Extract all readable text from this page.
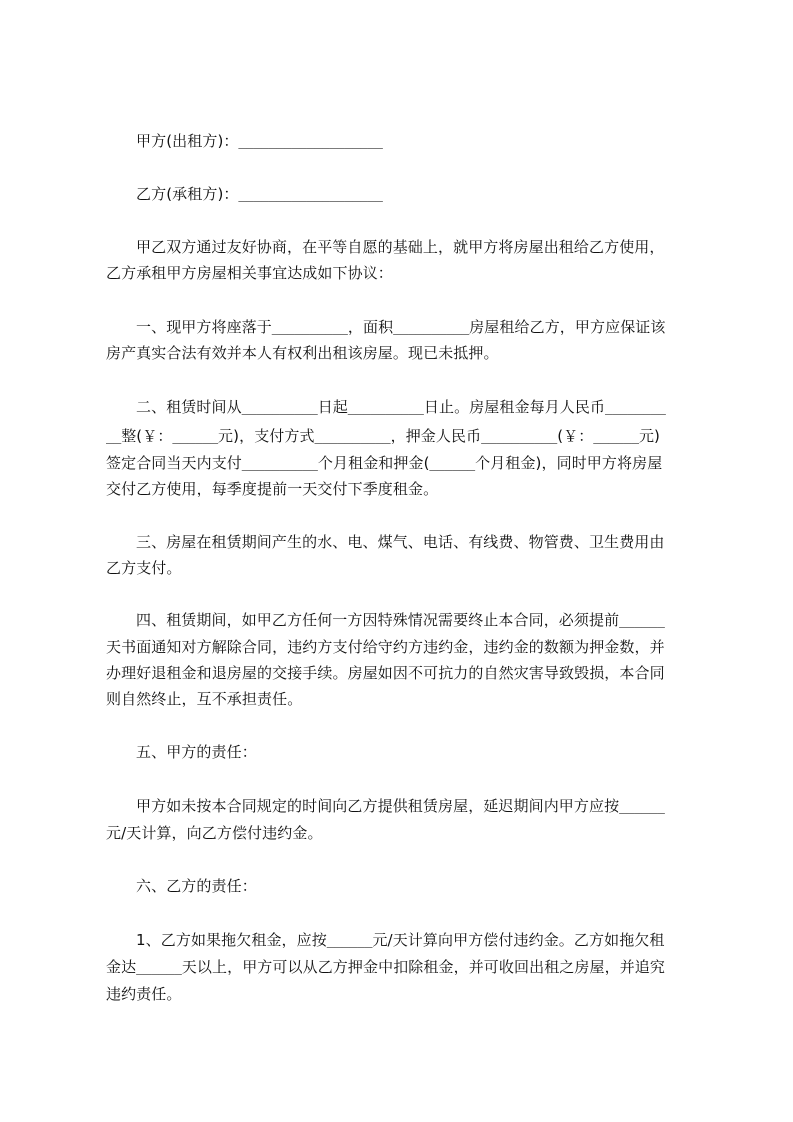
甲方(出租方)：___________________
乙方(承租方)：___________________
甲乙双方通过友好协商，在平等自愿的基础上，就甲方将房屋出租给乙方使用，
乙方承租甲方房屋相关事宜达成如下协议：
一、现甲方将座落于__________，面积__________房屋租给乙方，甲方应保证该
房产真实合法有效并本人有权利出租该房屋。现已未抵押。
二、租赁时间从__________日起__________日止。房屋租金每月人民币________
__整(￥：______元)，支付方式__________，押金人民币__________(￥：______元)
签定合同当天内支付__________个月租金和押金(______个月租金)，同时甲方将房屋
交付乙方使用，每季度提前一天交付下季度租金。
三、房屋在租赁期间产生的水、电、煤气、电话、有线费、物管费、卫生费用由
乙方支付。
四、租赁期间，如甲乙方任何一方因特殊情况需要终止本合同，必须提前______
天书面通知对方解除合同，违约方支付给守约方违约金，违约金的数额为押金数，并
办理好退租金和退房屋的交接手续。房屋如因不可抗力的自然灾害导致毁损，本合同
则自然终止，互不承担责任。
五、甲方的责任：
甲方如未按本合同规定的时间向乙方提供租赁房屋，延迟期间内甲方应按______
元/天计算，向乙方偿付违约金。
六、乙方的责任：
1、乙方如果拖欠租金，应按______元/天计算向甲方偿付违约金。乙方如拖欠租
金达______天以上，甲方可以从乙方押金中扣除租金，并可收回出租之房屋，并追究
违约责任。
